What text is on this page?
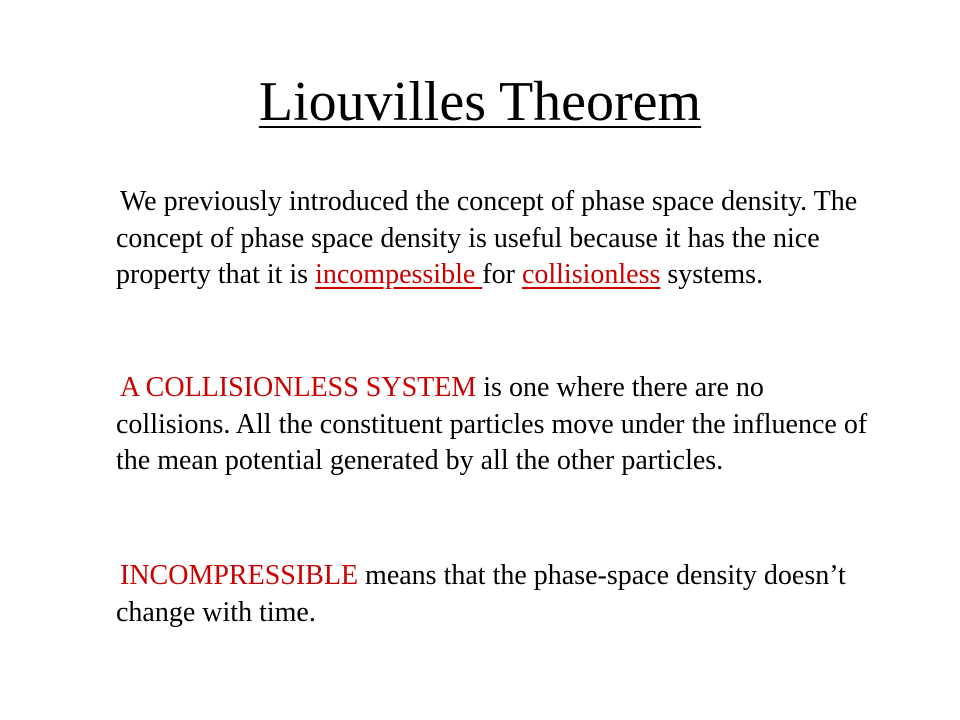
Liouvilles Theorem

We previously introduced the concept of phase space density. The concept of phase space density is useful because it has the nice property that it is incompessible for collisionless systems.

A COLLISIONLESS SYSTEM is one where there are no collisions. All the constituent particles move under the influence of the mean potential generated by all the other particles.

INCOMPRESSIBLE means that the phase-space density doesn’t change with time.
